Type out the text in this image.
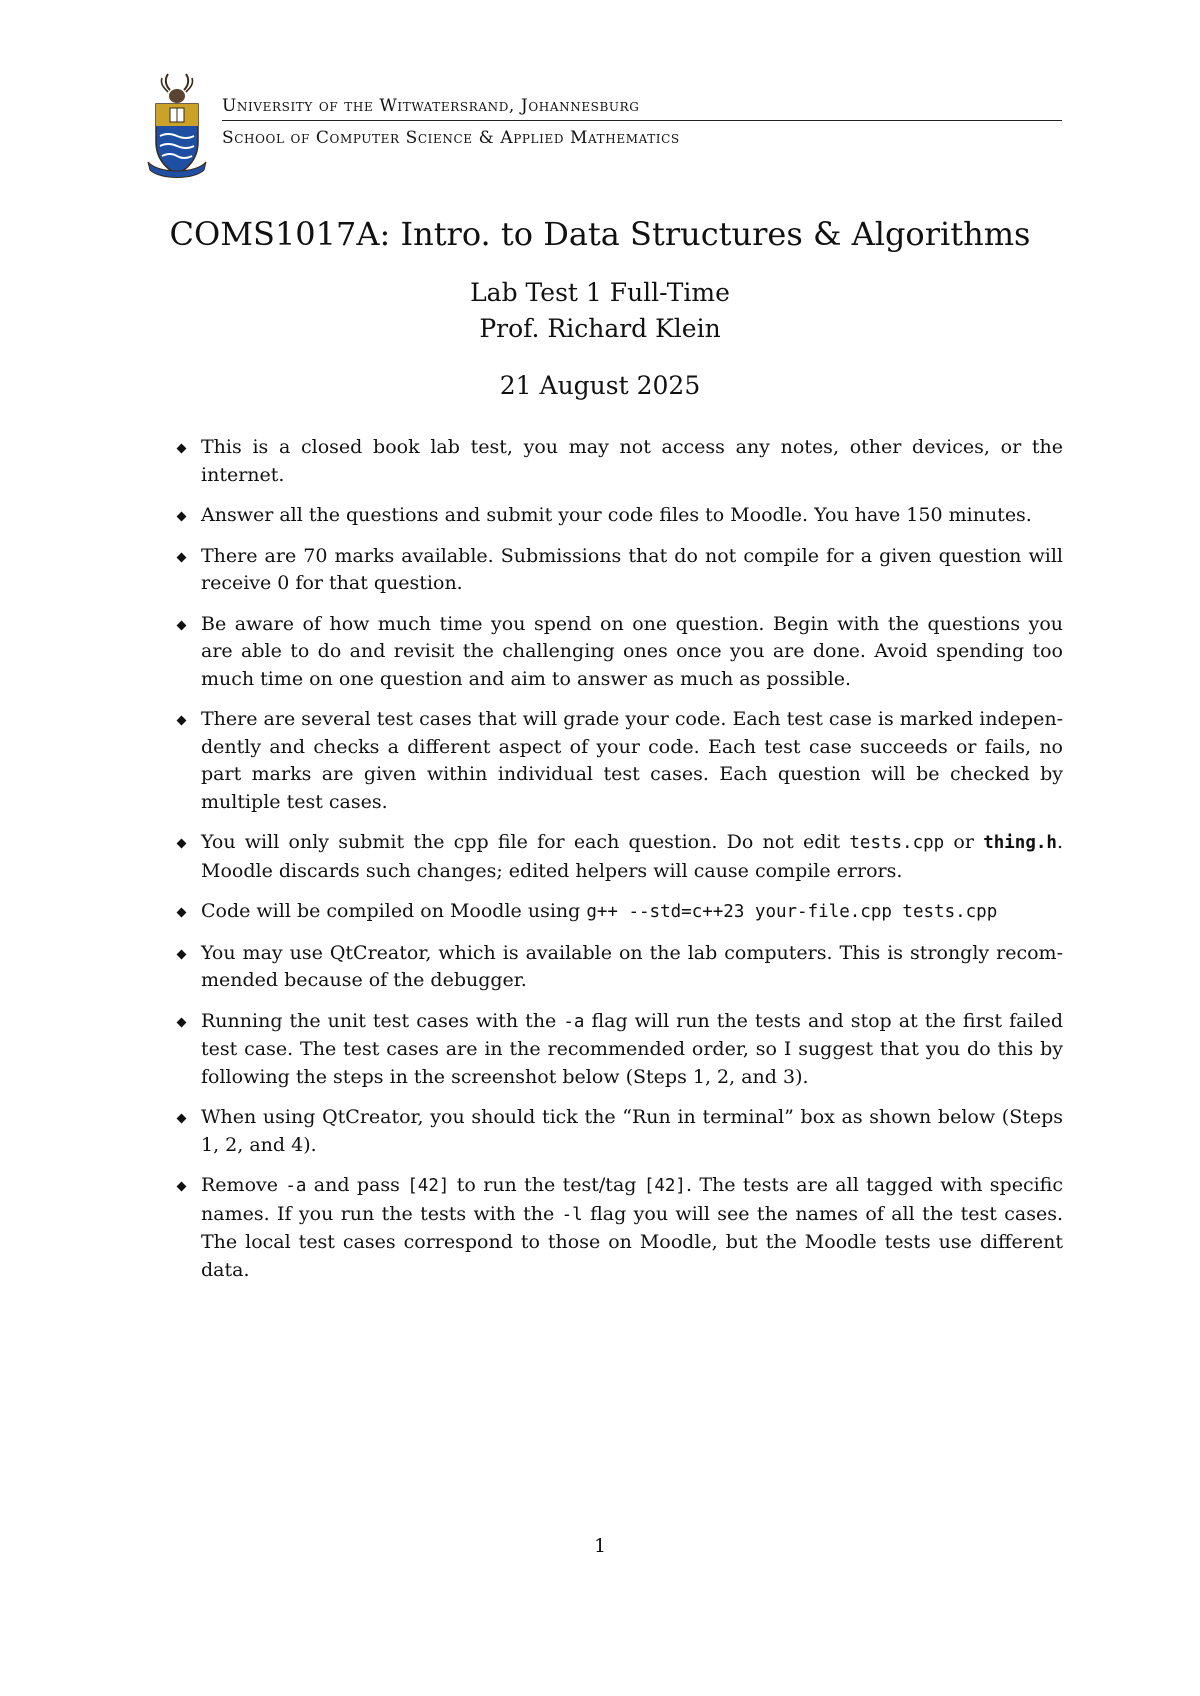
University of the Witwatersrand, Johannesburg
School of Computer Science & Applied Mathematics
COMS1017A: Intro. to Data Structures & Algorithms
Lab Test 1 Full-Time
Prof. Richard Klein
21 August 2025
This is a closed book lab test, you may not access any notes, other devices, or the internet.
Answer all the questions and submit your code files to Moodle. You have 150 minutes.
There are 70 marks available. Submissions that do not compile for a given question will receive 0 for that question.
Be aware of how much time you spend on one question. Begin with the questions you are able to do and revisit the challenging ones once you are done. Avoid spending too much time on one question and aim to answer as much as possible.
There are several test cases that will grade your code. Each test case is marked indepen-dently and checks a different aspect of your code. Each test case succeeds or fails, no part marks are given within individual test cases. Each question will be checked by multiple test cases.
You will only submit the cpp file for each question. Do not edit tests.cpp or thing.h. Moodle discards such changes; edited helpers will cause compile errors.
Code will be compiled on Moodle using g++ --std=c++23 your-file.cpp tests.cpp
You may use QtCreator, which is available on the lab computers. This is strongly recom-mended because of the debugger.
Running the unit test cases with the -a flag will run the tests and stop at the first failed test case. The test cases are in the recommended order, so I suggest that you do this by following the steps in the screenshot below (Steps 1, 2, and 3).
When using QtCreator, you should tick the “Run in terminal” box as shown below (Steps 1, 2, and 4).
Remove -a and pass [42] to run the test/tag [42]. The tests are all tagged with specific names. If you run the tests with the -l flag you will see the names of all the test cases. The local test cases correspond to those on Moodle, but the Moodle tests use different data.
1
